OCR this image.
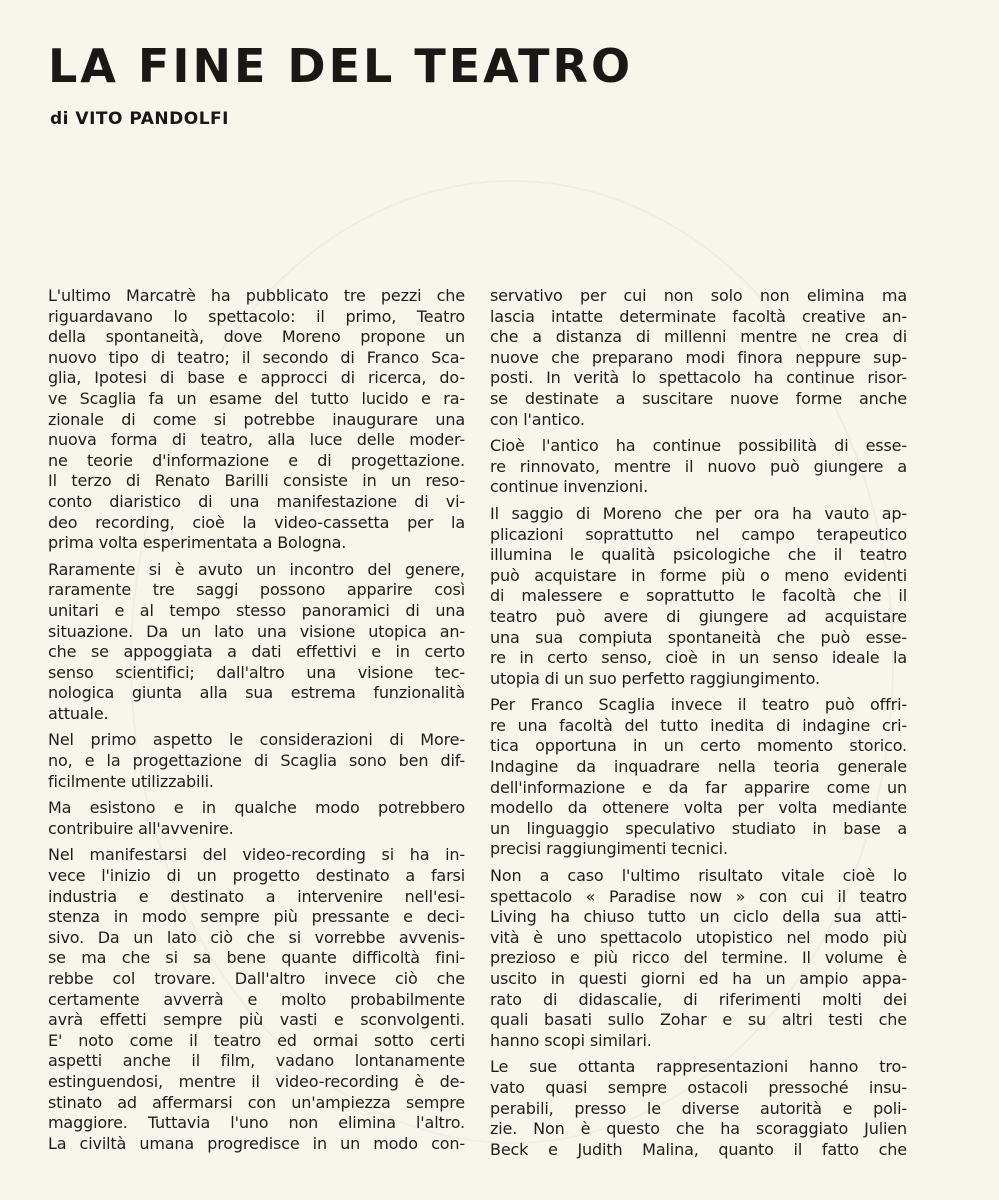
LA FINE DEL TEATRO
di VITO PANDOLFI
L'ultimo Marcatrè ha pubblicato tre pezzi che
riguardavano lo spettacolo: il primo, Teatro
della spontaneità, dove Moreno propone un
nuovo tipo di teatro; il secondo di Franco Sca-
glia, Ipotesi di base e approcci di ricerca, do-
ve Scaglia fa un esame del tutto lucido e ra-
zionale di come si potrebbe inaugurare una
nuova forma di teatro, alla luce delle moder-
ne teorie d'informazione e di progettazione.
Il terzo di Renato Barilli consiste in un reso-
conto diaristico di una manifestazione di vi-
deo recording, cioè la video-cassetta per la
prima volta esperimentata a Bologna.
Raramente si è avuto un incontro del genere,
raramente tre saggi possono apparire così
unitari e al tempo stesso panoramici di una
situazione. Da un lato una visione utopica an-
che se appoggiata a dati effettivi e in certo
senso scientifici; dall'altro una visione tec-
nologica giunta alla sua estrema funzionalità
attuale.
Nel primo aspetto le considerazioni di More-
no, e la progettazione di Scaglia sono ben dif-
ficilmente utilizzabili.
Ma esistono e in qualche modo potrebbero
contribuire all'avvenire.
Nel manifestarsi del video-recording si ha in-
vece l'inizio di un progetto destinato a farsi
industria e destinato a intervenire nell'esi-
stenza in modo sempre più pressante e deci-
sivo. Da un lato ciò che si vorrebbe avvenis-
se ma che si sa bene quante difficoltà fini-
rebbe col trovare. Dall'altro invece ciò che
certamente avverrà e molto probabilmente
avrà effetti sempre più vasti e sconvolgenti.
E' noto come il teatro ed ormai sotto certi
aspetti anche il film, vadano lontanamente
estinguendosi, mentre il video-recording è de-
stinato ad affermarsi con un'ampiezza sempre
maggiore. Tuttavia l'uno non elimina l'altro.
La civiltà umana progredisce in un modo con-
servativo per cui non solo non elimina ma
lascia intatte determinate facoltà creative an-
che a distanza di millenni mentre ne crea di
nuove che preparano modi finora neppure sup-
posti. In verità lo spettacolo ha continue risor-
se destinate a suscitare nuove forme anche
con l'antico.
Cioè l'antico ha continue possibilità di esse-
re rinnovato, mentre il nuovo può giungere a
continue invenzioni.
Il saggio di Moreno che per ora ha vauto ap-
plicazioni soprattutto nel campo terapeutico
illumina le qualità psicologiche che il teatro
può acquistare in forme più o meno evidenti
di malessere e soprattutto le facoltà che il
teatro può avere di giungere ad acquistare
una sua compiuta spontaneità che può esse-
re in certo senso, cioè in un senso ideale la
utopia di un suo perfetto raggiungimento.
Per Franco Scaglia invece il teatro può offri-
re una facoltà del tutto inedita di indagine cri-
tica opportuna in un certo momento storico.
Indagine da inquadrare nella teoria generale
dell'informazione e da far apparire come un
modello da ottenere volta per volta mediante
un linguaggio speculativo studiato in base a
precisi raggiungimenti tecnici.
Non a caso l'ultimo risultato vitale cioè lo
spettacolo « Paradise now » con cui il teatro
Living ha chiuso tutto un ciclo della sua atti-
vità è uno spettacolo utopistico nel modo più
prezioso e più ricco del termine. Il volume è
uscito in questi giorni ed ha un ampio appa-
rato di didascalie, di riferimenti molti dei
quali basati sullo Zohar e su altri testi che
hanno scopi similari.
Le sue ottanta rappresentazioni hanno tro-
vato quasi sempre ostacoli pressoché insu-
perabili, presso le diverse autorità e poli-
zie. Non è questo che ha scoraggiato Julien
Beck e Judith Malina, quanto il fatto che
